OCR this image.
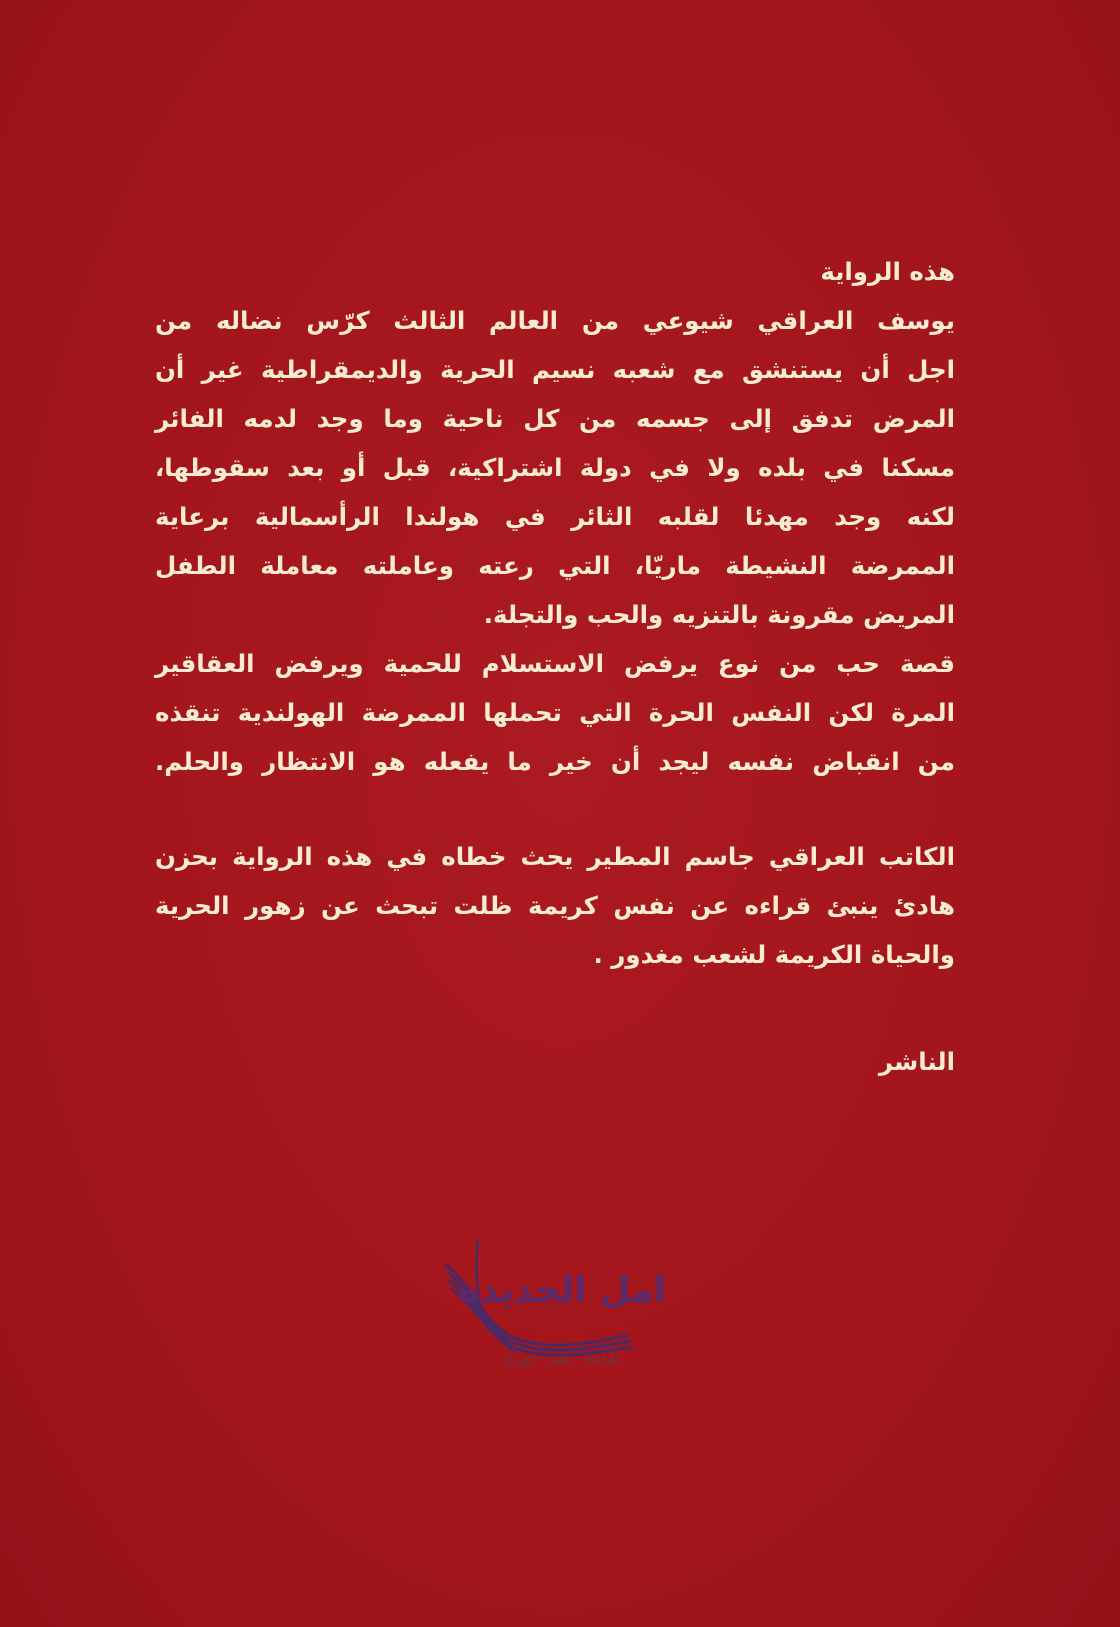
هذه الرواية
يوسف العراقي شيوعي من العالم الثالث كرّس نضاله من
اجل أن يستنشق مع شعبه نسيم الحرية والديمقراطية غير أن
المرض تدفق إلى جسمه من كل ناحية وما وجد لدمه الفائر
مسكنا في بلده ولا في دولة اشتراكية، قبل أو بعد سقوطها،
لكنه وجد مهدئا لقلبه الثائر في هولندا الرأسمالية برعاية
الممرضة النشيطة ماريّا، التي رعته وعاملته معاملة الطفل
المريض مقرونة بالتنزيه والحب والتجلة.
قصة حب من نوع يرفض الاستسلام للحمية ويرفض العقاقير
المرة لكن النفس الحرة التي تحملها الممرضة الهولندية تنقذه
من انقباض نفسه ليجد أن خير ما يفعله هو الانتظار والحلم.
الكاتب العراقي جاسم المطير يحث خطاه في هذه الرواية بحزن
هادئ ينبئ قراءه عن نفس كريمة ظلت تبحث عن زهور الحرية
والحياة الكريمة لشعب مغدور .
الناشر
امل الجديدة
طباعة - نشر - توزيع
